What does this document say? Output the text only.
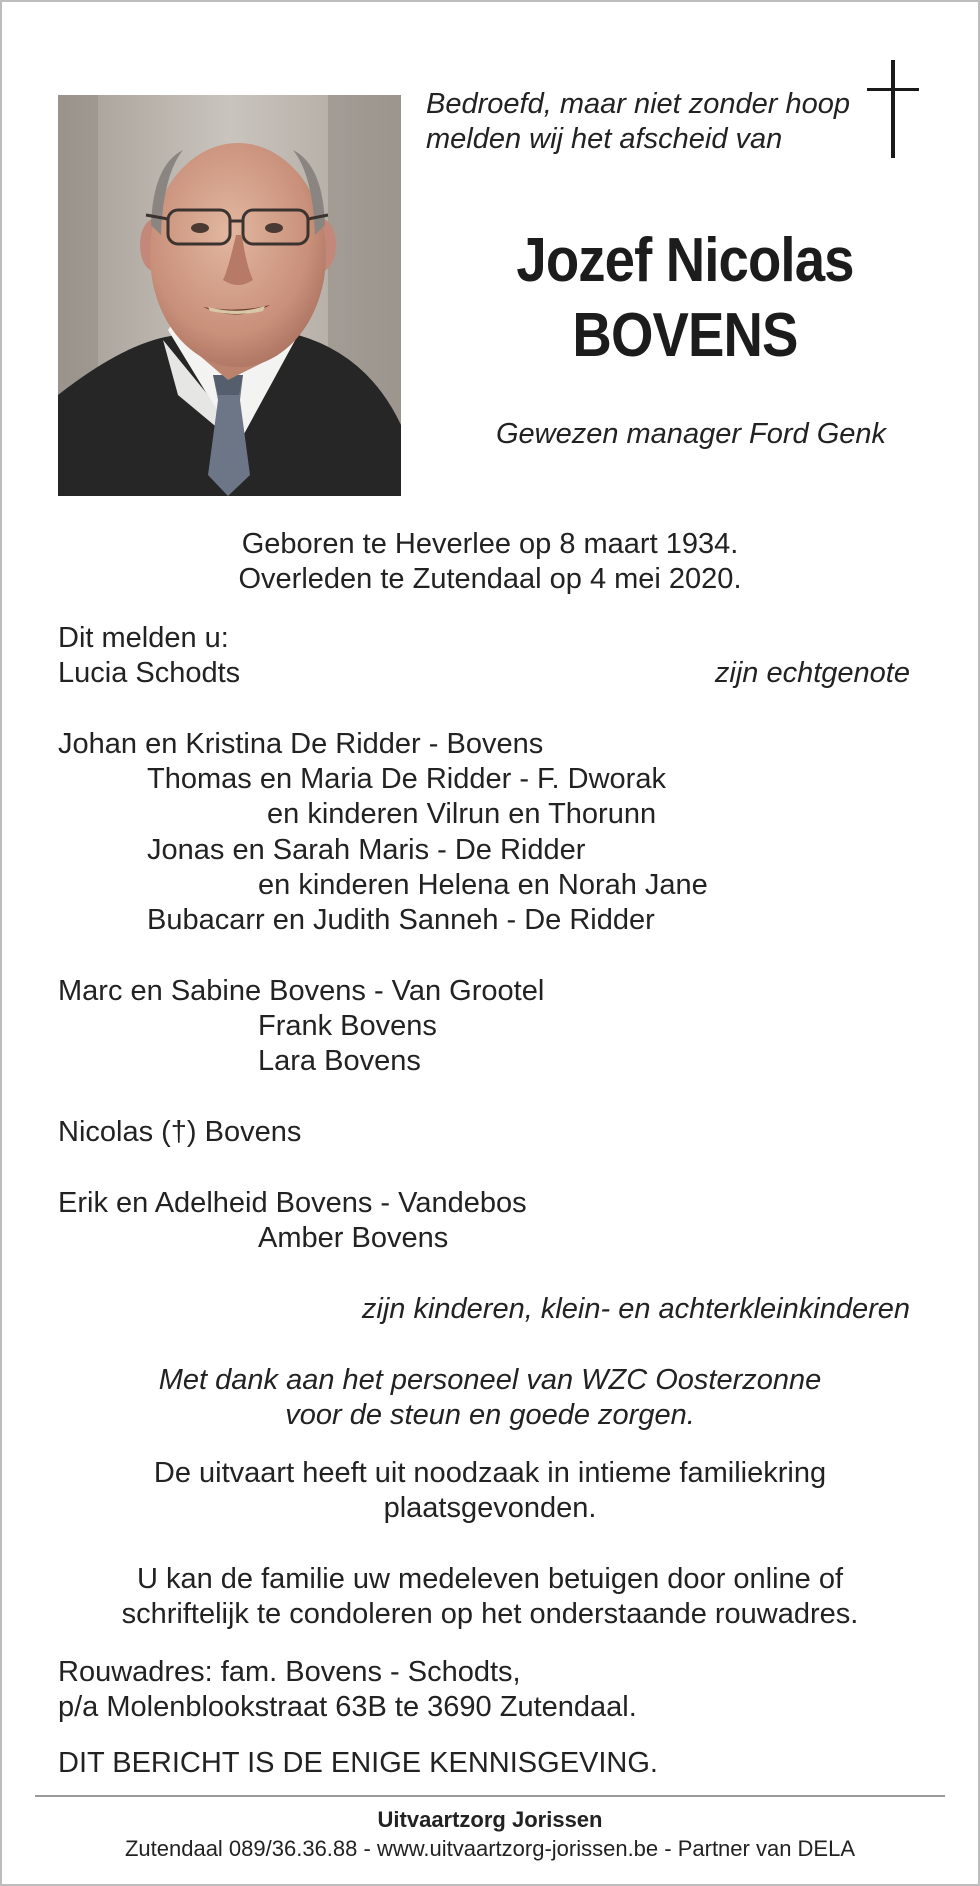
Bedroefd, maar niet zonder hoop melden wij het afscheid van
Jozef Nicolas
BOVENS
Gewezen manager Ford Genk
Geboren te Heverlee op 8 maart 1934.
Overleden te Zutendaal op 4 mei 2020.
Dit melden u:
Lucia Schodts	zijn echtgenote
Johan en Kristina De Ridder - Bovens
Thomas en Maria De Ridder - F. Dworak
en kinderen Vilrun en Thorunn
Jonas en Sarah Maris - De Ridder
en kinderen Helena en Norah Jane
Bubacarr en Judith Sanneh - De Ridder
Marc en Sabine Bovens - Van Grootel
Frank Bovens
Lara Bovens
Nicolas (†) Bovens
Erik en Adelheid Bovens - Vandebos
Amber Bovens
zijn kinderen, klein- en achterkleinkinderen
Met dank aan het personeel van WZC Oosterzonne
voor de steun en goede zorgen.
De uitvaart heeft uit noodzaak in intieme familiekring
plaatsgevonden.
U kan de familie uw medeleven betuigen door online of
schriftelijk te condoleren op het onderstaande rouwadres.
Rouwadres: fam. Bovens - Schodts,
p/a Molenblookstraat 63B te 3690 Zutendaal.
DIT BERICHT IS DE ENIGE KENNISGEVING.
Uitvaartzorg Jorissen
Zutendaal 089/36.36.88 - www.uitvaartzorg-jorissen.be - Partner van DELA
